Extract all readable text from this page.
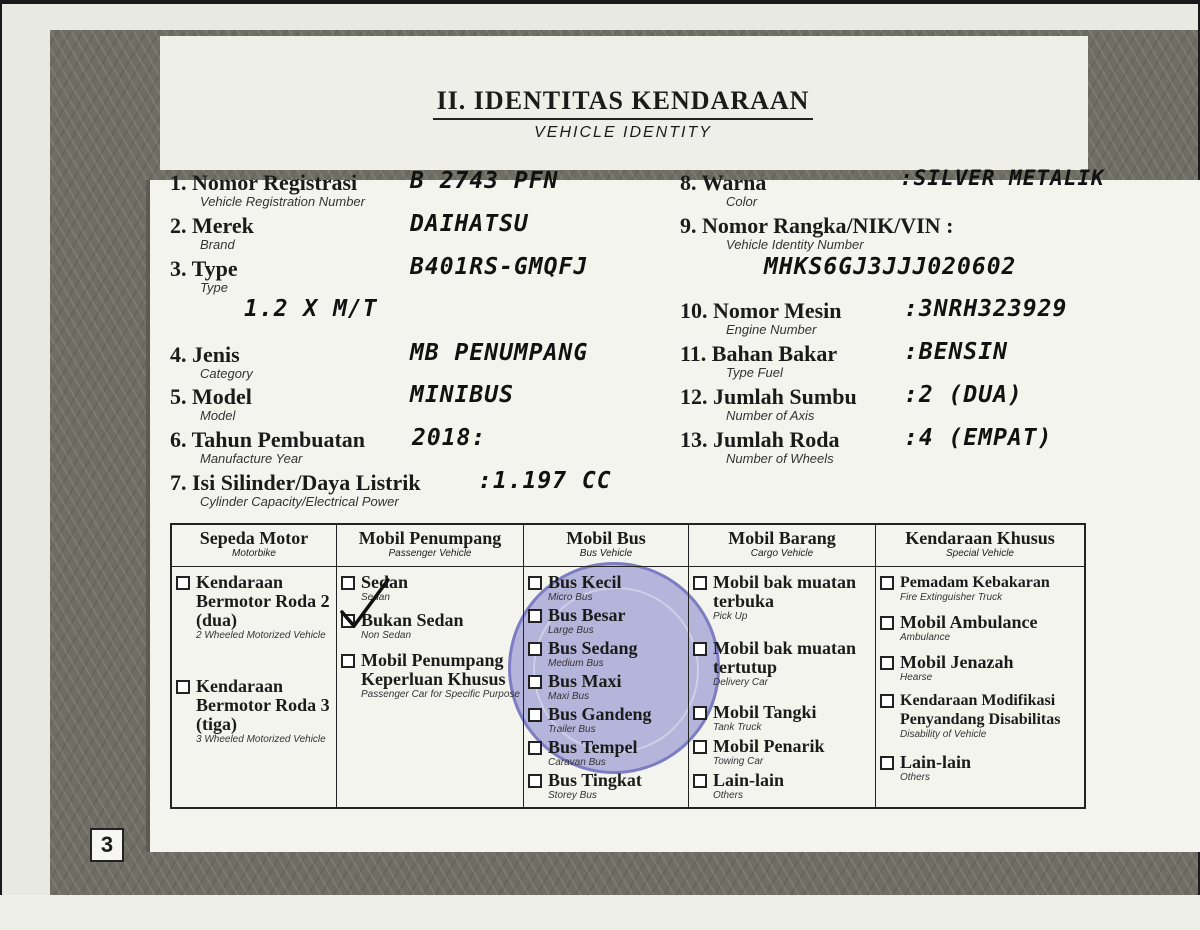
II. IDENTITAS KENDARAAN
VEHICLE IDENTITY
1. Nomor Registrasi
Vehicle Registration Number
B 2743 PFN
2. Merek
Brand
DAIHATSU
3. Type
Type
B401RS-GMQFJ
1.2 X M/T
4. Jenis
Category
MB PENUMPANG
5. Model
Model
MINIBUS
6. Tahun Pembuatan
Manufacture Year
2018:
7. Isi Silinder/Daya Listrik
Cylinder Capacity/Electrical Power
:1.197 CC
8. Warna
Color
:SILVER METALIK
9. Nomor Rangka/NIK/VIN :
Vehicle Identity Number
MHKS6GJ3JJJ020602
10. Nomor Mesin
Engine Number
:3NRH323929
11. Bahan Bakar
Type Fuel
:BENSIN
12. Jumlah Sumbu
Number of Axis
:2 (DUA)
13. Jumlah Roda
Number of Wheels
:4 (EMPAT)
Sepeda Motor
Motorbike
Kendaraan Bermotor Roda 2 (dua)
2 Wheeled Motorized Vehicle
Kendaraan Bermotor Roda 3 (tiga)
3 Wheeled Motorized Vehicle
Mobil Penumpang
Passenger Vehicle
Sedan
Sedan
Bukan Sedan
Non Sedan
Mobil Penumpang Keperluan Khusus
Passenger Car for Specific Purpose
Mobil Bus
Bus Vehicle
Bus Kecil
Micro Bus
Bus Besar
Large Bus
Bus Sedang
Medium Bus
Bus Maxi
Maxi Bus
Bus Gandeng
Trailer Bus
Bus Tempel
Caravan Bus
Bus Tingkat
Storey Bus
Mobil Barang
Cargo Vehicle
Mobil bak muatan terbuka
Pick Up
Mobil bak muatan tertutup
Delivery Car
Mobil Tangki
Tank Truck
Mobil Penarik
Towing Car
Lain-lain
Others
Kendaraan Khusus
Special Vehicle
Pemadam Kebakaran
Fire Extinguisher Truck
Mobil Ambulance
Ambulance
Mobil Jenazah
Hearse
Kendaraan Modifikasi Penyandang Disabilitas
Disability of Vehicle
Lain-lain
Others
3
